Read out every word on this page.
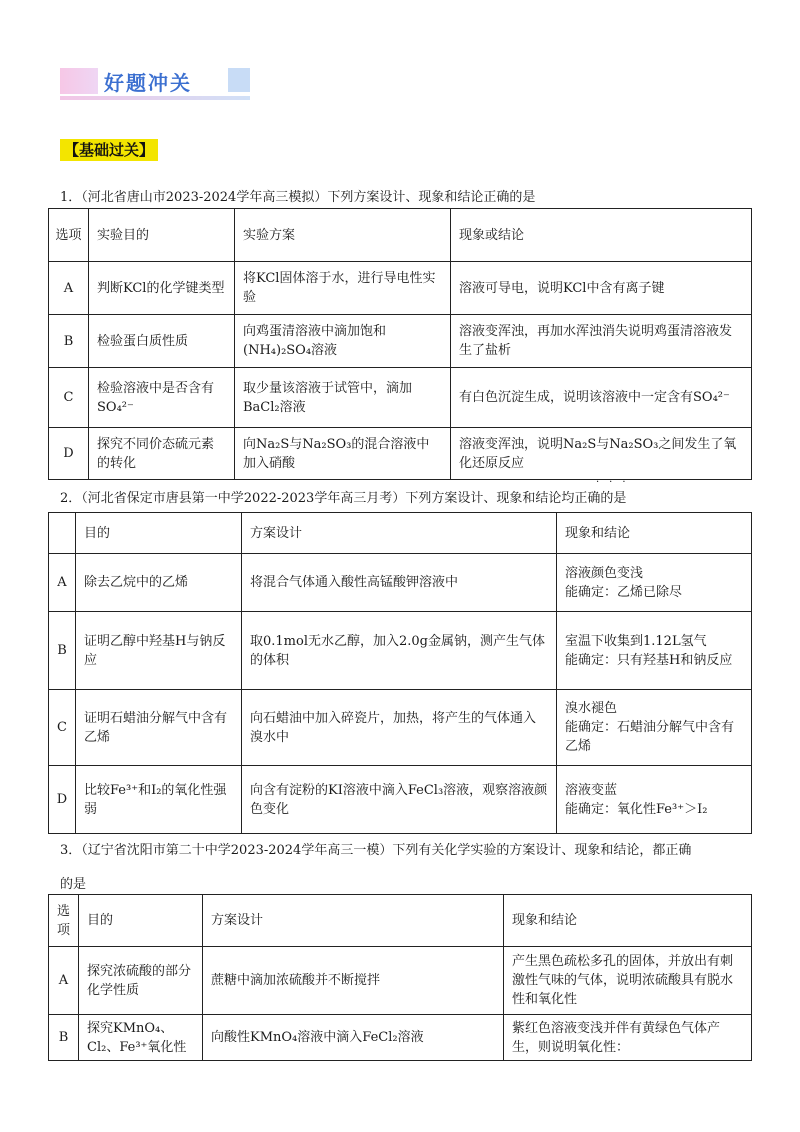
好题冲关
【基础过关】
1．（河北省唐山市2023-2024学年高三模拟）下列方案设计、现象和结论正确的是
选项	实验目的	实验方案	现象或结论
A	判断KCl的化学键类型	将KCl固体溶于水，进行导电性实验	溶液可导电，说明KCl中含有离子键
B	检验蛋白质性质	向鸡蛋清溶液中滴加饱和(NH₄)₂SO₄溶液	溶液变浑浊，再加水浑浊消失说明鸡蛋清溶液发生了盐析
C	检验溶液中是否含有SO₄²⁻	取少量该溶液于试管中，滴加BaCl₂溶液	有白色沉淀生成，说明该溶液中一定含有SO₄²⁻
D	探究不同价态硫元素的转化	向Na₂S与Na₂SO₃的混合溶液中加入硝酸	溶液变浑浊，说明Na₂S与Na₂SO₃之间发生了氧化还原反应
···
2．（河北省保定市唐县第一中学2022-2023学年高三月考）下列方案设计、现象和结论均正确的是
	目的	方案设计	现象和结论
A	除去乙烷中的乙烯	将混合气体通入酸性高锰酸钾溶液中	溶液颜色变浅
能确定：乙烯已除尽

B	证明乙醇中羟基H与钠反应	取0.1mol无水乙醇，加入2.0g金属钠，测产生气体的体积	室温下收集到1.12L氢气
能确定：只有羟基H和钠反应

C	证明石蜡油分解气中含有乙烯	向石蜡油中加入碎瓷片，加热，将产生的气体通入溴水中	溴水褪色
能确定：石蜡油分解气中含有乙烯

D	比较Fe³⁺和I₂的氧化性强弱	向含有淀粉的KI溶液中滴入FeCl₃溶液，观察溶液颜色变化	溶液变蓝
能确定：氧化性Fe³⁺＞I₂
3．（辽宁省沈阳市第二十中学2023-2024学年高三一模）下列有关化学实验的方案设计、现象和结论，都正确
的是
选项	目的	方案设计	现象和结论
A	探究浓硫酸的部分化学性质	蔗糖中滴加浓硫酸并不断搅拌	产生黑色疏松多孔的固体，并放出有刺激性气味的气体，说明浓硫酸具有脱水性和氧化性
B	探究KMnO₄、Cl₂、Fe³⁺氧化性	向酸性KMnO₄溶液中滴入FeCl₂溶液	紫红色溶液变浅并伴有黄绿色气体产生，则说明氧化性：
